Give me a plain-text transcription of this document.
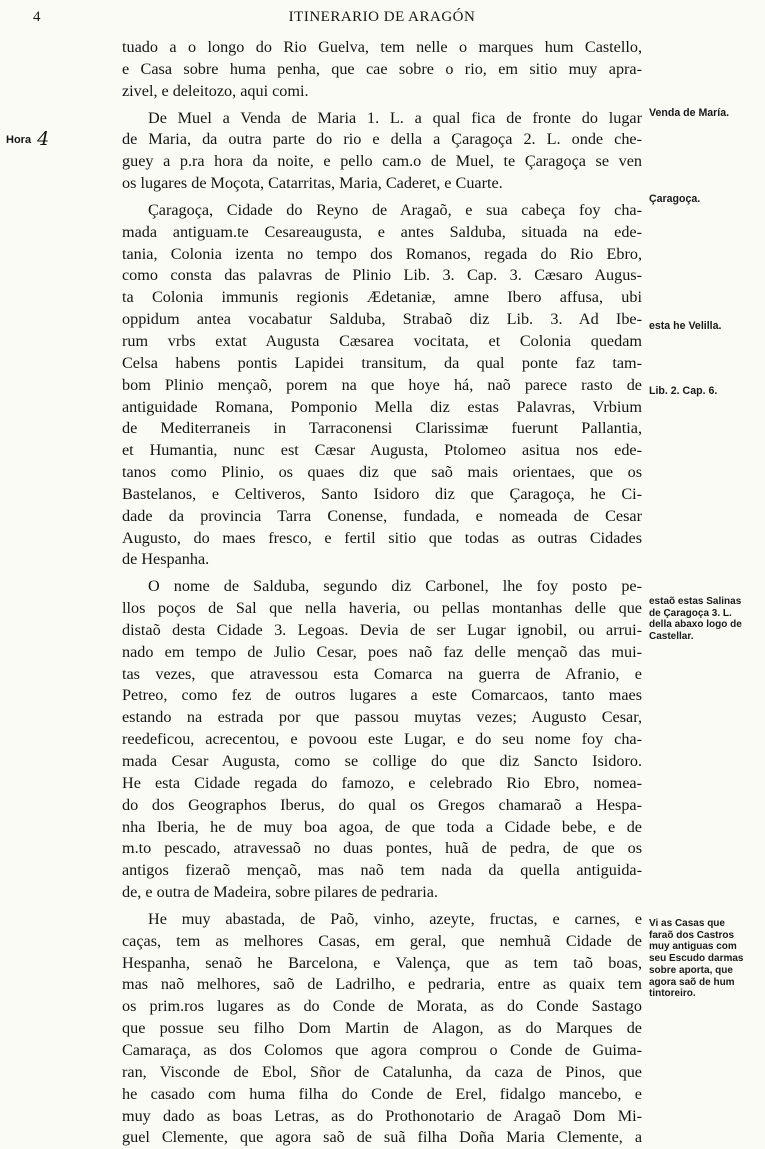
4	ITINERARIO DE ARAGÓN
Hora 4
tuado a o longo do Rio Guelva, tem nelle o marques hum Castello,
e Casa sobre huma penha, que cae sobre o rio, em sitio muy apra-
zivel, e deleitozo, aqui comi.
De Muel a Venda de Maria 1. L. a qual fica de fronte do lugar
de Maria, da outra parte do rio e della a Çaragoça 2. L. onde che-
guey a p.ra hora da noite, e pello cam.o de Muel, te Çaragoça se ven
os lugares de Moçota, Catarritas, Maria, Caderet, e Cuarte.
Çaragoça, Cidade do Reyno de Aragaõ, e sua cabeça foy cha-
mada antiguam.te Cesareaugusta, e antes Salduba, situada na ede-
tania, Colonia izenta no tempo dos Romanos, regada do Rio Ebro,
como consta das palavras de Plinio Lib. 3. Cap. 3. Cæsaro Augus-
ta Colonia immunis regionis Ædetaniæ, amne Ibero affusa, ubi
oppidum antea vocabatur Salduba, Strabaõ diz Lib. 3. Ad Ibe-
rum vrbs extat Augusta Cæsarea vocitata, et Colonia quedam
Celsa habens pontis Lapidei transitum, da qual ponte faz tam-
bom Plinio mençaõ, porem na que hoye há, naõ parece rasto de
antiguidade Romana, Pomponio Mella diz estas Palavras, Vrbium
de Mediterraneis in Tarraconensi Clarissimæ fuerunt Pallantia,
et Humantia, nunc est Cæsar Augusta, Ptolomeo asitua nos ede-
tanos como Plinio, os quaes diz que saõ mais orientaes, que os
Bastelanos, e Celtiveros, Santo Isidoro diz que Çaragoça, he Ci-
dade da provincia Tarra Conense, fundada, e nomeada de Cesar
Augusto, do maes fresco, e fertil sitio que todas as outras Cidades
de Hespanha.
O nome de Salduba, segundo diz Carbonel, lhe foy posto pe-
llos poços de Sal que nella haveria, ou pellas montanhas delle que
distaõ desta Cidade 3. Legoas. Devia de ser Lugar ignobil, ou arrui-
nado em tempo de Julio Cesar, poes naõ faz delle mençaõ das mui-
tas vezes, que atravessou esta Comarca na guerra de Afranio, e
Petreo, como fez de outros lugares a este Comarcaos, tanto maes
estando na estrada por que passou muytas vezes; Augusto Cesar,
reedeficou, acrecentou, e povoou este Lugar, e do seu nome foy cha-
mada Cesar Augusta, como se collige do que diz Sancto Isidoro.
He esta Cidade regada do famozo, e celebrado Rio Ebro, nomea-
do dos Geographos Iberus, do qual os Gregos chamaraõ a Hespa-
nha Iberia, he de muy boa agoa, de que toda a Cidade bebe, e de
m.to pescado, atravessaõ no duas pontes, huã de pedra, de que os
antigos fizeraõ mençaõ, mas naõ tem nada da quella antiguida-
de, e outra de Madeira, sobre pilares de pedraria.
He muy abastada, de Paõ, vinho, azeyte, fructas, e carnes, e
caças, tem as melhores Casas, em geral, que nemhuã Cidade de
Hespanha, senaõ he Barcelona, e Valença, que as tem taõ boas,
mas naõ melhores, saõ de Ladrilho, e pedraria, entre as quaix tem
os prim.ros lugares as do Conde de Morata, as do Conde Sastago
que possue seu filho Dom Martin de Alagon, as do Marques de
Camaraça, as dos Colomos que agora comprou o Conde de Guima-
ran, Visconde de Ebol, Sñor de Catalunha, da caza de Pinos, que
he casado com huma filha do Conde de Erel, fidalgo mancebo, e
muy dado as boas Letras, as do Prothonotario de Aragaõ Dom Mi-
guel Clemente, que agora saõ de suã filha Doña Maria Clemente, a
Venda de María.
Çaragoça.
esta he Velilla.
Lib. 2. Cap. 6.
estaõ estas Salinas
de Çaragoça 3. L.
della abaxo logo de
Castellar.
Vi as Casas que
faraõ dos Castros
muy antiguas com
seu Escudo darmas
sobre aporta, que
agora saõ de hum
tintoreiro.
